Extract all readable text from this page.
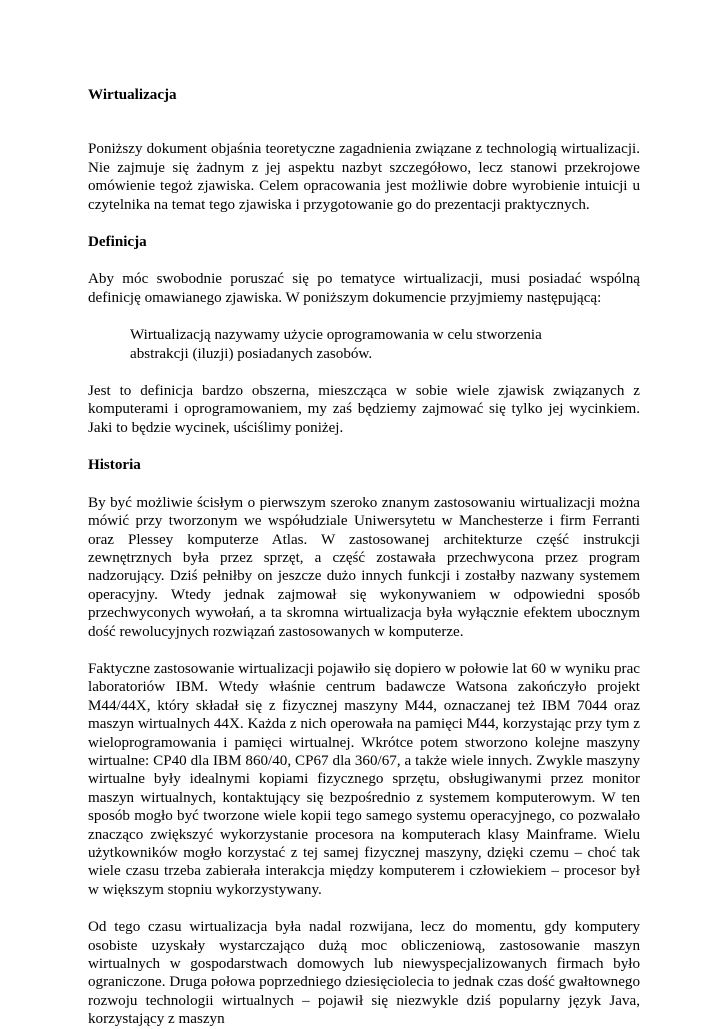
Wirtualizacja

Poniższy dokument objaśnia teoretyczne zagadnienia związane z technologią wirtualizacji. Nie zajmuje się żadnym z jej aspektu nazbyt szczegółowo, lecz stanowi przekrojowe omówienie tegoż zjawiska. Celem opracowania jest możliwie dobre wyrobienie intuicji u czytelnika na temat tego zjawiska i przygotowanie go do prezentacji praktycznych.

Definicja

Aby móc swobodnie poruszać się po tematyce wirtualizacji, musi posiadać wspólną definicję omawianego zjawiska. W poniższym dokumencie przyjmiemy następującą:

Wirtualizacją nazywamy użycie oprogramowania w celu stworzenia abstrakcji (iluzji) posiadanych zasobów.

Jest to definicja bardzo obszerna, mieszcząca w sobie wiele zjawisk związanych z komputerami i oprogramowaniem, my zaś będziemy zajmować się tylko jej wycinkiem. Jaki to będzie wycinek, uściślimy poniżej.

Historia

By być możliwie ścisłym o pierwszym szeroko znanym zastosowaniu wirtualizacji można mówić przy tworzonym we współudziale Uniwersytetu w Manchesterze i firm Ferranti oraz Plessey komputerze Atlas. W zastosowanej architekturze część instrukcji zewnętrznych była przez sprzęt, a część zostawała przechwycona przez program nadzorujący. Dziś pełniłby on jeszcze dużo innych funkcji i zostałby nazwany systemem operacyjny. Wtedy jednak zajmował się wykonywaniem w odpowiedni sposób przechwyconych wywołań, a ta skromna wirtualizacja była wyłącznie efektem ubocznym dość rewolucyjnych rozwiązań zastosowanych w komputerze.

Faktyczne zastosowanie wirtualizacji pojawiło się dopiero w połowie lat 60 w wyniku prac laboratoriów IBM. Wtedy właśnie centrum badawcze Watsona zakończyło projekt M44/44X, który składał się z fizycznej maszyny M44, oznaczanej też IBM 7044 oraz maszyn wirtualnych 44X. Każda z nich operowała na pamięci M44, korzystając przy tym z wieloprogramowania i pamięci wirtualnej. Wkrótce potem stworzono kolejne maszyny wirtualne: CP40 dla IBM 860/40, CP67 dla 360/67, a także wiele innych. Zwykle maszyny wirtualne były idealnymi kopiami fizycznego sprzętu, obsługiwanymi przez monitor maszyn wirtualnych, kontaktujący się bezpośrednio z systemem komputerowym. W ten sposób mogło być tworzone wiele kopii tego samego systemu operacyjnego, co pozwalało znacząco zwiększyć wykorzystanie procesora na komputerach klasy Mainframe. Wielu użytkowników mogło korzystać z tej samej fizycznej maszyny, dzięki czemu – choć tak wiele czasu trzeba zabierała interakcja między komputerem i człowiekiem – procesor był w większym stopniu wykorzystywany.

Od tego czasu wirtualizacja była nadal rozwijana, lecz do momentu, gdy komputery osobiste uzyskały wystarczająco dużą moc obliczeniową, zastosowanie maszyn wirtualnych w gospodarstwach domowych lub niewyspecjalizowanych firmach było ograniczone. Druga połowa poprzedniego dziesięciolecia to jednak czas dość gwałtownego rozwoju technologii wirtualnych – pojawił się niezwykle dziś popularny język Java, korzystający z maszyn
